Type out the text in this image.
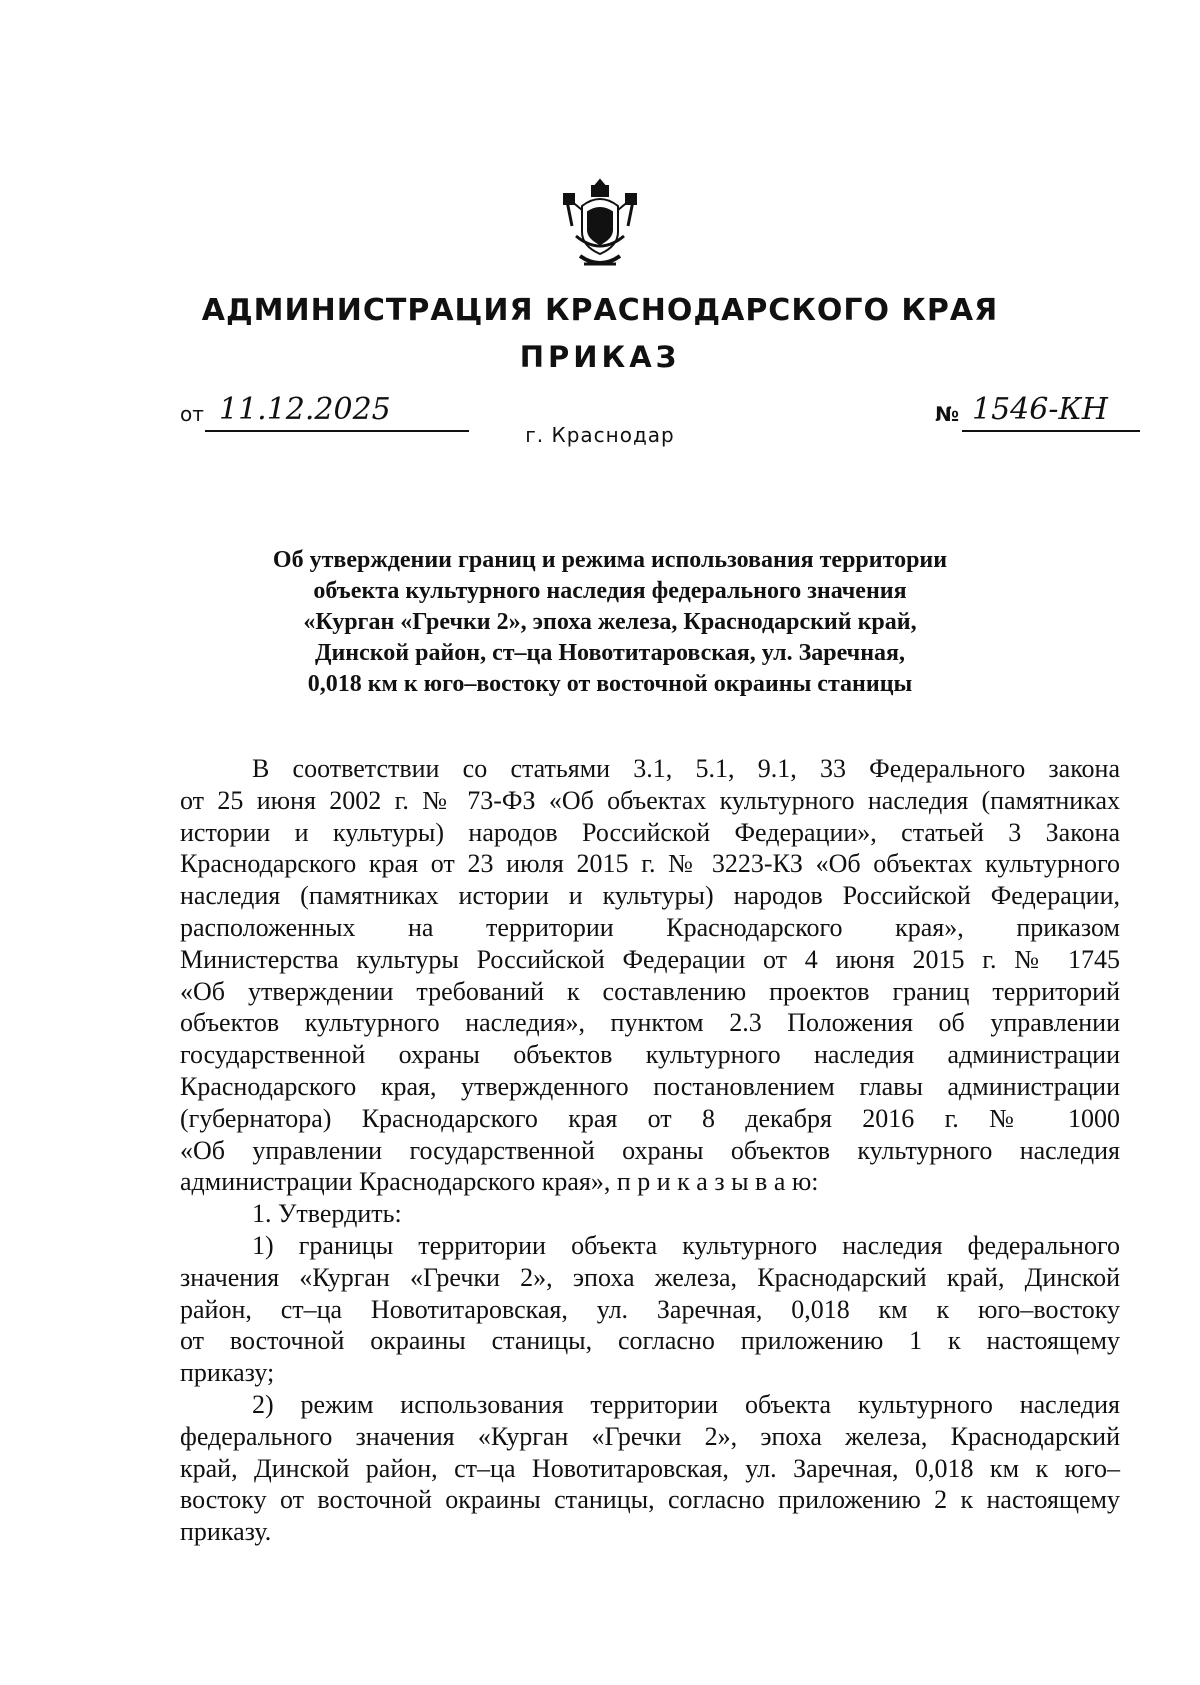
АДМИНИСТРАЦИЯ КРАСНОДАРСКОГО КРАЯ
ПРИКАЗ
от 11.12.2025	№ 1546-КН
г. Краснодар
Об утверждении границ и режима использования территории
объекта культурного наследия федерального значения
«Курган «Гречки 2», эпоха железа, Краснодарский край,
Динской район, ст–ца Новотитаровская, ул. Заречная,
0,018 км к юго–востоку от восточной окраины станицы
В соответствии со статьями 3.1, 5.1, 9.1, 33 Федерального закона
от 25 июня 2002 г. № 73-ФЗ «Об объектах культурного наследия (памятниках
истории и культуры) народов Российской Федерации», статьей 3 Закона
Краснодарского края от 23 июля 2015 г. № 3223-КЗ «Об объектах культурного
наследия (памятниках истории и культуры) народов Российской Федерации,
расположенных на территории Краснодарского края», приказом
Министерства культуры Российской Федерации от 4 июня 2015 г. № 1745
«Об утверждении требований к составлению проектов границ территорий
объектов культурного наследия», пунктом 2.3 Положения об управлении
государственной охраны объектов культурного наследия администрации
Краснодарского края, утвержденного постановлением главы администрации
(губернатора) Краснодарского края от 8 декабря 2016 г. № 1000
«Об управлении государственной охраны объектов культурного наследия
администрации Краснодарского края», п р и к а з ы в а ю:
1. Утвердить:
1) границы территории объекта культурного наследия федерального
значения «Курган «Гречки 2», эпоха железа, Краснодарский край, Динской
район, ст–ца Новотитаровская, ул. Заречная, 0,018 км к юго–востоку
от восточной окраины станицы, согласно приложению 1 к настоящему
приказу;
2) режим использования территории объекта культурного наследия
федерального значения «Курган «Гречки 2», эпоха железа, Краснодарский
край, Динской район, ст–ца Новотитаровская, ул. Заречная, 0,018 км к юго–
востоку от восточной окраины станицы, согласно приложению 2 к настоящему
приказу.
